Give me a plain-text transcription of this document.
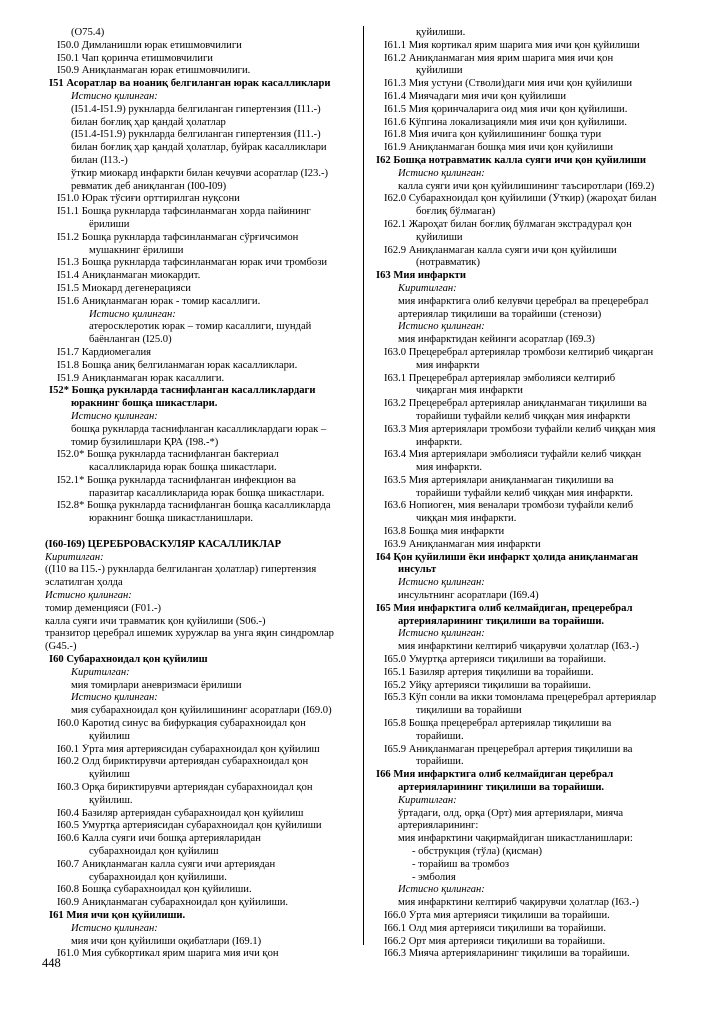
(O75.4)
I50.0 Димланишли юрак етишмовчилиги
I50.1 Чап қоринча етишмовчилиги
I50.9 Аниқланмаган юрак етишмовчилиги.
I51 Асоратлар ва ноаниқ белгиланган юрак касалликлари
Истисно қилинган:
(I51.4-I51.9) рукнларда белгиланган гипертензия (I11.-)
билан боғлиқ ҳар қандай ҳолатлар
(I51.4-I51.9) рукнларда белгиланган гипертензия (I11.-)
билан боғлиқ ҳар қандай ҳолатлар, буйрак касалликлари
билан (I13.-)
ўткир миокард инфаркти билан кечувчи асоратлар (I23.-)
ревматик деб аниқланган (I00-I09)
I51.0 Юрак тўсиғи орттирилган нуқсони
I51.1 Бошқа рукнларда тафсинланмаган хорда пайининг
ёрилиши
I51.2 Бошқа рукнларда тафсинланмаган сўрғичсимон
мушакнинг ёрилиши
I51.3 Бошқа рукнларда тафсинланмаган юрак ичи тромбози
I51.4 Аниқланмаган миокардит.
I51.5 Миокард дегенерацияси
I51.6 Аниқланмаган юрак - томир касаллиги.
Истисно қилинган:
атеросклеротик юрак – томир касаллиги, шундай
баёнланган (I25.0)
I51.7 Кардиомегалия
I51.8 Бошқа аниқ белгиланмаган юрак касалликлари.
I51.9 Аниқланмаган юрак касаллиги.
I52* Бошқа рукнларда таснифланган касалликлардаги
юракнинг бошқа шикастлари.
Истисно қилинган:
бошқа рукнларда таснифланган касалликлардаги юрак –
томир бузилишлари ҚРА (I98.-*)
I52.0* Бошқа рукнларда таснифланган бактериал
касалликларида юрак бошқа шикастлари.
I52.1* Бошқа рукнларда таснифланган инфекцион ва
паразитар касалликларида юрак бошқа шикастлари.
I52.8* Бошқа рукнларда таснифланган бошқа касалликларда
юракнинг бошқа шикастланишлари.

(I60-I69) ЦЕРЕБРОВАСКУЛЯР КАСАЛЛИКЛАР
Киритилган:
((I10 ва I15.-) рукнларда белгиланган ҳолатлар) гипертензия
эслатилган ҳолда
Истисно қилинган:
томир деменцияси (F01.-)
калла суяги ичи травматик қон қуйилиши (S06.-)
транзитор церебрал ишемик хуружлар ва унга яқин синдромлар
(G45.-)
I60 Субарахноидал қон қуйилиш
Киритилган:
мия томирлари аневризмаси ёрилиши
Истисно қилинган:
мия субарахноидал қон қуйилишининг асоратлари (I69.0)
I60.0 Каротид синус ва бифуркация субарахноидал қон
қуйилиш
I60.1 Ўрта мия артериясидан субарахноидал қон қуйилиш
I60.2 Олд бириктирувчи артериядан субарахноидал қон
қуйилиш
I60.3 Орқа бириктирувчи артериядан субарахноидал қон
қуйилиш.
I60.4 Базиляр артериядан субарахноидал қон қуйилиш
I60.5 Умуртқа артериясидан субарахноидал қон қуйилиши
I60.6 Калла суяги ичи бошқа артерияларидан
субарахноидал қон қуйилиш
I60.7 Аниқланмаган калла суяги ичи артериядан
субарахноидал қон қуйилиши.
I60.8 Бошқа субарахноидал қон қуйилиши.
I60.9 Аниқланмаган субарахноидал қон қуйилиши.
I61 Мия ичи қон қуйилиши.
Истисно қилинган:
мия ичи қон қуйилиши оқибатлари (I69.1)
I61.0 Мия субкортикал ярим шарига мия ичи қон
қуйилиши.
I61.1 Мия кортикал ярим шарига мия ичи қон қуйилиши
I61.2 Аниқланмаган мия ярим шарига мия ичи қон
қуйилиши
I61.3 Мия устуни (Стволи)даги мия ичи қон қуйилиши
I61.4 Миячадаги мия ичи қон қуйилиши
I61.5 Мия қоринчаларига оид мия ичи қон қуйилиши.
I61.6 Кўпгина локализацияли мия ичи қон қуйилиши.
I61.8 Мия ичига қон қуйилишининг бошқа тури
I61.9 Аниқланмаган бошқа мия ичи қон қуйилиши
I62 Бошқа нотравматик калла суяги ичи қон қуйилиши
Истисно қилинган:
калла суяги ичи қон қуйилишининг таъсиротлари (I69.2)
I62.0 Субарахноидал қон қуйилиши (Ўткир) (жароҳат билан
боғлиқ бўлмаган)
I62.1 Жароҳат билан боғлиқ бўлмаган экстрадурал қон
қуйилиши
I62.9 Аниқланмаган калла суяги ичи қон қуйилиши
(нотравматик)
I63 Мия инфаркти
Киритилган:
мия инфарктига олиб келувчи церебрал ва прецеребрал
артериялар тиқилиши ва торайиши (стенози)
Истисно қилинган:
мия инфарктидан кейинги асоратлар (I69.3)
I63.0 Прецеребрал артериялар тромбози келтириб чиқарган
мия инфаркти
I63.1 Прецеребрал артериялар эмболияси келтириб
чиқарган мия инфаркти
I63.2 Прецеребрал артериялар аниқланмаган тиқилиши ва
торайиши туфайли келиб чиққан мия инфаркти
I63.3 Мия артериялари тромбози туфайли келиб чиққан мия
инфаркти.
I63.4 Мия артериялари эмболияси туфайли келиб чиққан
мия инфаркти.
I63.5 Мия артериялари аниқланмаган тиқилиши ва
торайиши туфайли келиб чиққан мия инфаркти.
I63.6 Нопиоген, мия веналари тромбози туфайли келиб
чиққан мия инфаркти.
I63.8 Бошқа мия инфаркти
I63.9 Аниқланмаган мия инфаркти
I64 Қон қуйилиши ёки инфаркт ҳолида аниқланмаган
инсульт
Истисно қилинган:
инсультнинг асоратлари (I69.4)
I65 Мия инфарктига олиб келмайдиган, прецеребрал
артерияларининг тиқилиши ва торайиши.
Истисно қилинган:
мия инфарктини келтириб чиқарувчи ҳолатлар (I63.-)
I65.0 Умуртқа артерияси тиқилиши ва торайиши.
I65.1 Базиляр артерия тиқилиши ва торайиши.
I65.2 Уйқу артерияси тиқилиши ва торайиши.
I65.3 Кўп сонли ва икки томонлама прецеребрал артериялар
тиқилиши ва торайиши
I65.8 Бошқа прецеребрал артериялар тиқилиши ва
торайиши.
I65.9 Аниқланмаган прецеребрал артерия тиқилиши ва
торайиши.
I66 Мия инфарктига олиб келмайдиган церебрал
артерияларининг тиқилиши ва торайиши.
Киритилган:
ўртадаги, олд, орқа (Орт) мия артериялари, мияча
артерияларининг:
мия инфарктини чақирмайдиган шикастланишлари:
- обструкция (тўла) (қисман)
- торайиш ва тромбоз
- эмболия
Истисно қилинган:
мия инфарктини келтириб чақирувчи ҳолатлар (I63.-)
I66.0 Ўрта мия артерияси тиқилиши ва торайиши.
I66.1 Олд мия артерияси тиқилиши ва торайиши.
I66.2 Орт мия артерияси тиқилиши ва торайиши.
I66.3 Мияча артерияларининг тиқилиши ва торайиши.
448
